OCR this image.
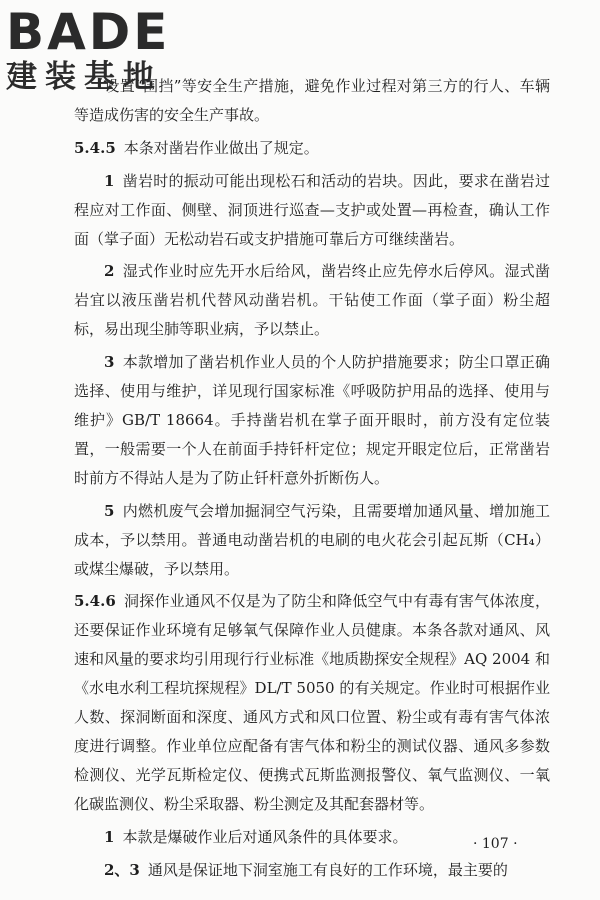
BADE
建装基地

设置“围挡”等安全生产措施，避免作业过程对第三方的行人、车辆等造成伤害的安全生产事故。

5.4.5 本条对凿岩作业做出了规定。

1 凿岩时的振动可能出现松石和活动的岩块。因此，要求在凿岩过程应对工作面、侧壁、洞顶进行巡查—支护或处置—再检查，确认工作面（掌子面）无松动岩石或支护措施可靠后方可继续凿岩。

2 湿式作业时应先开水后给风，凿岩终止应先停水后停风。湿式凿岩宜以液压凿岩机代替风动凿岩机。干钻使工作面（掌子面）粉尘超标，易出现尘肺等职业病，予以禁止。

3 本款增加了凿岩机作业人员的个人防护措施要求；防尘口罩正确选择、使用与维护，详见现行国家标准《呼吸防护用品的选择、使用与维护》GB/T 18664。手持凿岩机在掌子面开眼时，前方没有定位装置，一般需要一个人在前面手持钎杆定位；规定开眼定位后，正常凿岩时前方不得站人是为了防止钎杆意外折断伤人。

5 内燃机废气会增加掘洞空气污染，且需要增加通风量、增加施工成本，予以禁用。普通电动凿岩机的电刷的电火花会引起瓦斯（CH₄）或煤尘爆破，予以禁用。

5.4.6 洞探作业通风不仅是为了防尘和降低空气中有毒有害气体浓度，还要保证作业环境有足够氧气保障作业人员健康。本条各款对通风、风速和风量的要求均引用现行行业标准《地质勘探安全规程》AQ 2004 和《水电水利工程坑探规程》DL/T 5050 的有关规定。作业时可根据作业人数、探洞断面和深度、通风方式和风口位置、粉尘或有毒有害气体浓度进行调整。作业单位应配备有害气体和粉尘的测试仪器、通风多参数检测仪、光学瓦斯检定仪、便携式瓦斯监测报警仪、氧气监测仪、一氧化碳监测仪、粉尘采取器、粉尘测定及其配套器材等。

1 本款是爆破作业后对通风条件的具体要求。

2、3 通风是保证地下洞室施工有良好的工作环境，最主要的

· 107 ·
